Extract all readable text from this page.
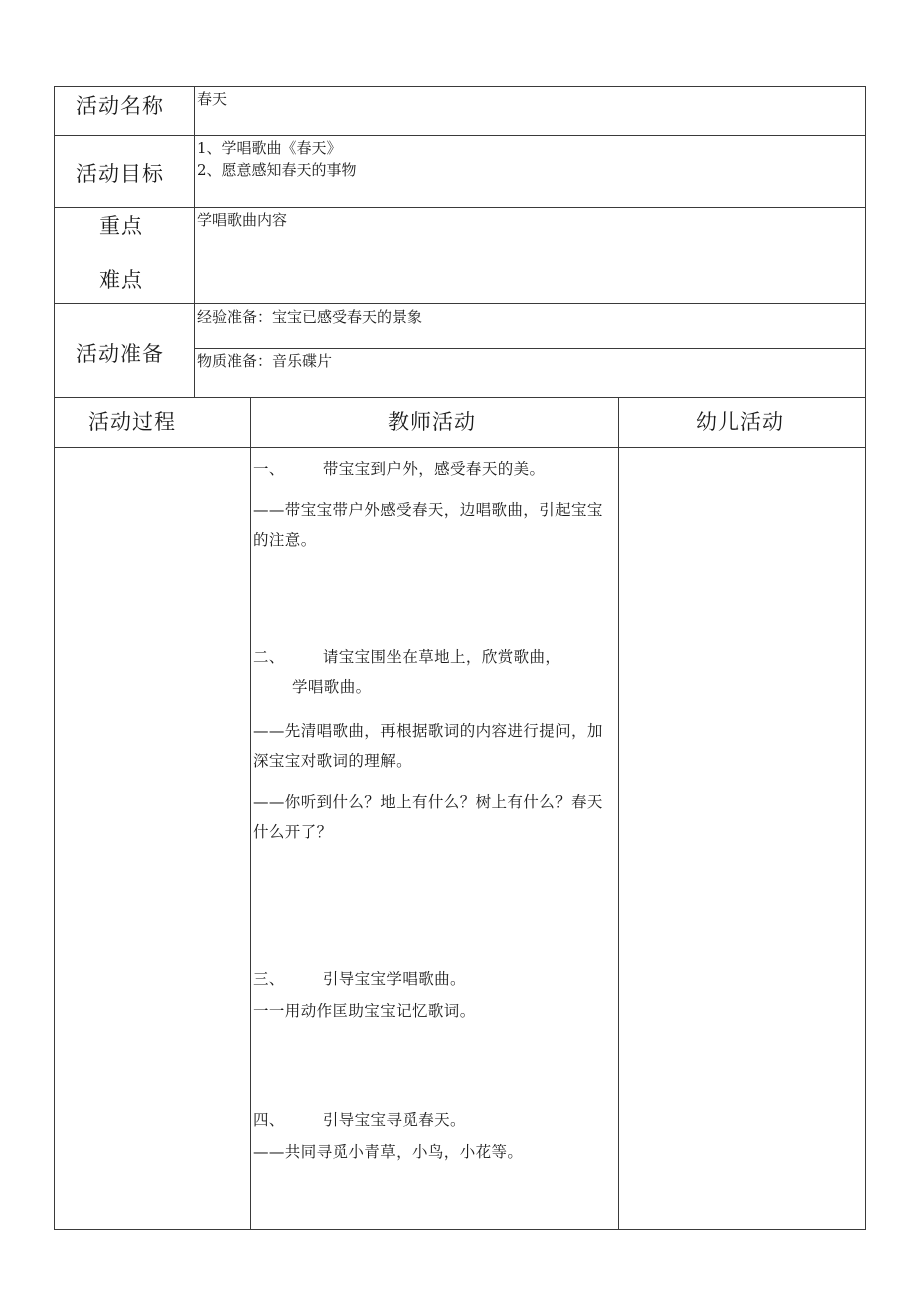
活动名称 春天
活动目标
1、学唱歌曲《春天》
2、愿意感知春天的事物
重点
难点
学唱歌曲内容
活动准备
经验准备：宝宝已感受春天的景象
物质准备：音乐碟片
活动过程	教师活动	幼儿活动
一、 带宝宝到户外，感受春天的美。
——带宝宝带户外感受春天，边唱歌曲，引起宝宝的注意。
二、 请宝宝围坐在草地上，欣赏歌曲，
学唱歌曲。
——先清唱歌曲，再根据歌词的内容进行提问，加深宝宝对歌词的理解。
——你听到什么？地上有什么？树上有什么？春天什么开了？
三、 引导宝宝学唱歌曲。
一一用动作匡助宝宝记忆歌词。
四、 引导宝宝寻觅春天。
——共同寻觅小青草，小鸟，小花等。
